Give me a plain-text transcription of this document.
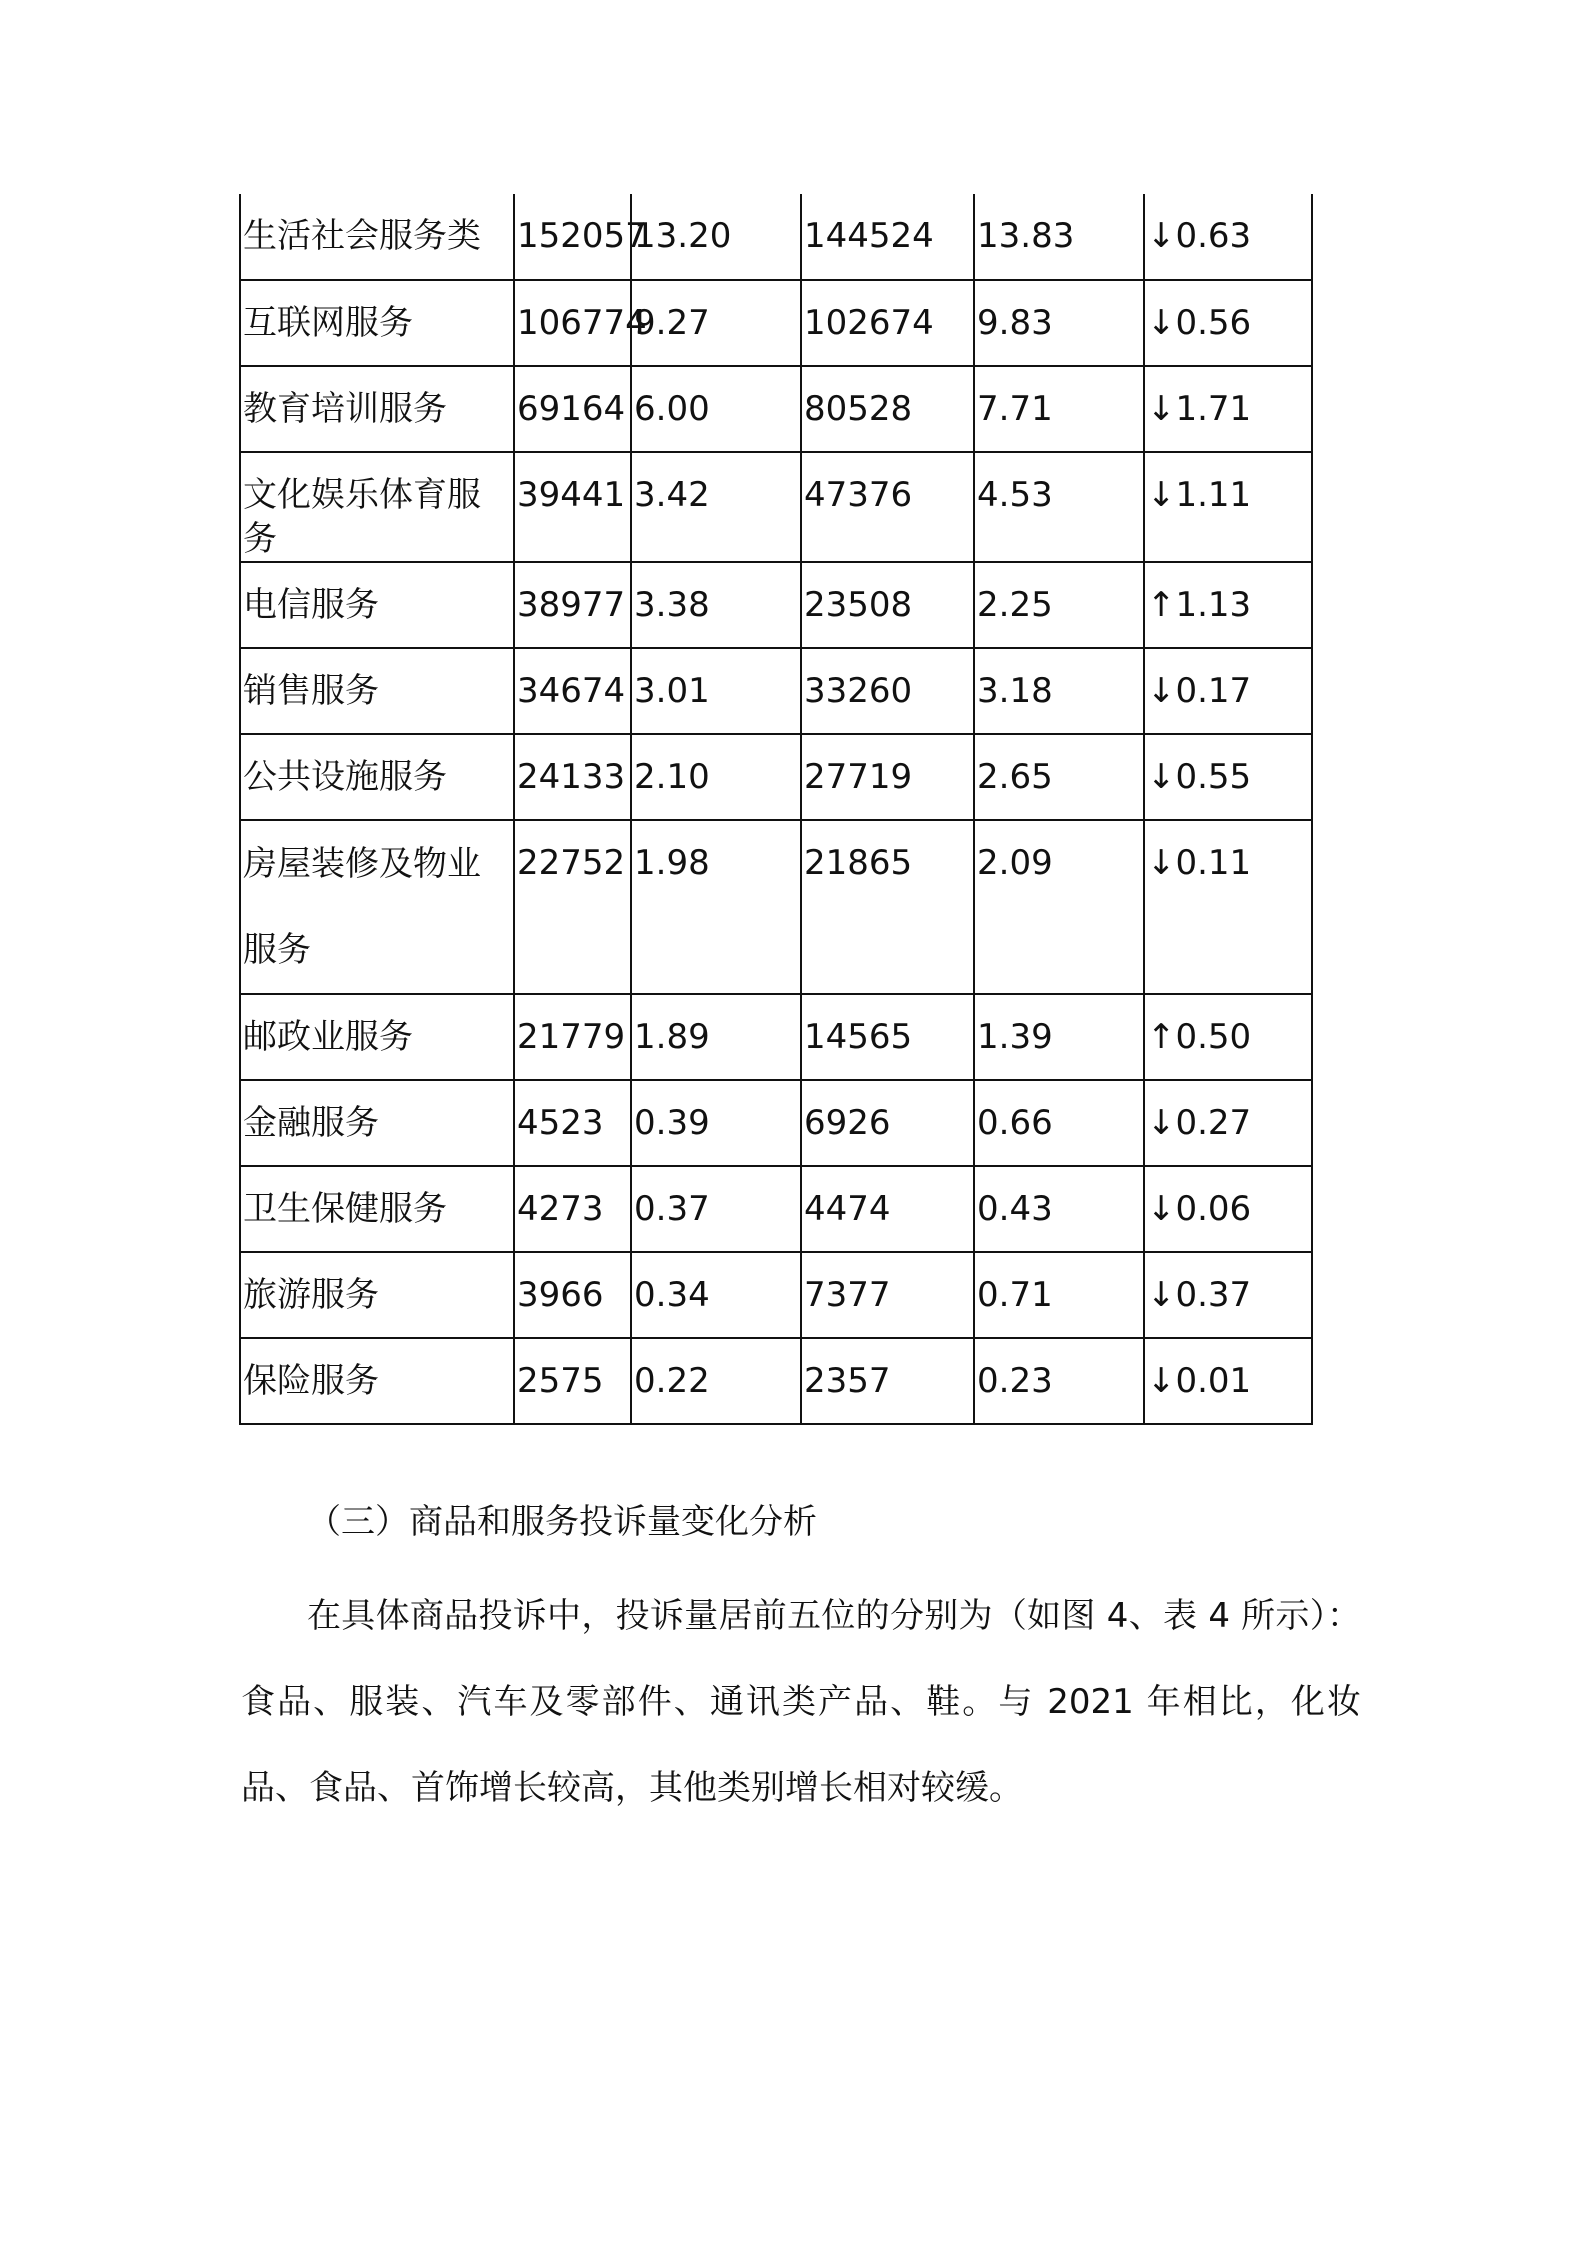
生活社会服务类	152057	13.20	144524	13.83	↓0.63
互联网服务	106774	9.27	102674	9.83	↓0.56
教育培训服务	69164	6.00	80528	7.71	↓1.71
文化娱乐体育服务	39441	3.42	47376	4.53	↓1.11
电信服务	38977	3.38	23508	2.25	↑1.13
销售服务	34674	3.01	33260	3.18	↓0.17
公共设施服务	24133	2.10	27719	2.65	↓0.55
房屋装修及物业服务	22752	1.98	21865	2.09	↓0.11
邮政业服务	21779	1.89	14565	1.39	↑0.50
金融服务	4523	0.39	6926	0.66	↓0.27
卫生保健服务	4273	0.37	4474	0.43	↓0.06
旅游服务	3966	0.34	7377	0.71	↓0.37
保险服务	2575	0.22	2357	0.23	↓0.01
（三）商品和服务投诉量变化分析

在具体商品投诉中，投诉量居前五位的分别为（如图 4、表 4 所示）：食品、服装、汽车及零部件、通讯类产品、鞋。与 2021 年相比，化妆品、食品、首饰增长较高，其他类别增长相对较缓。
